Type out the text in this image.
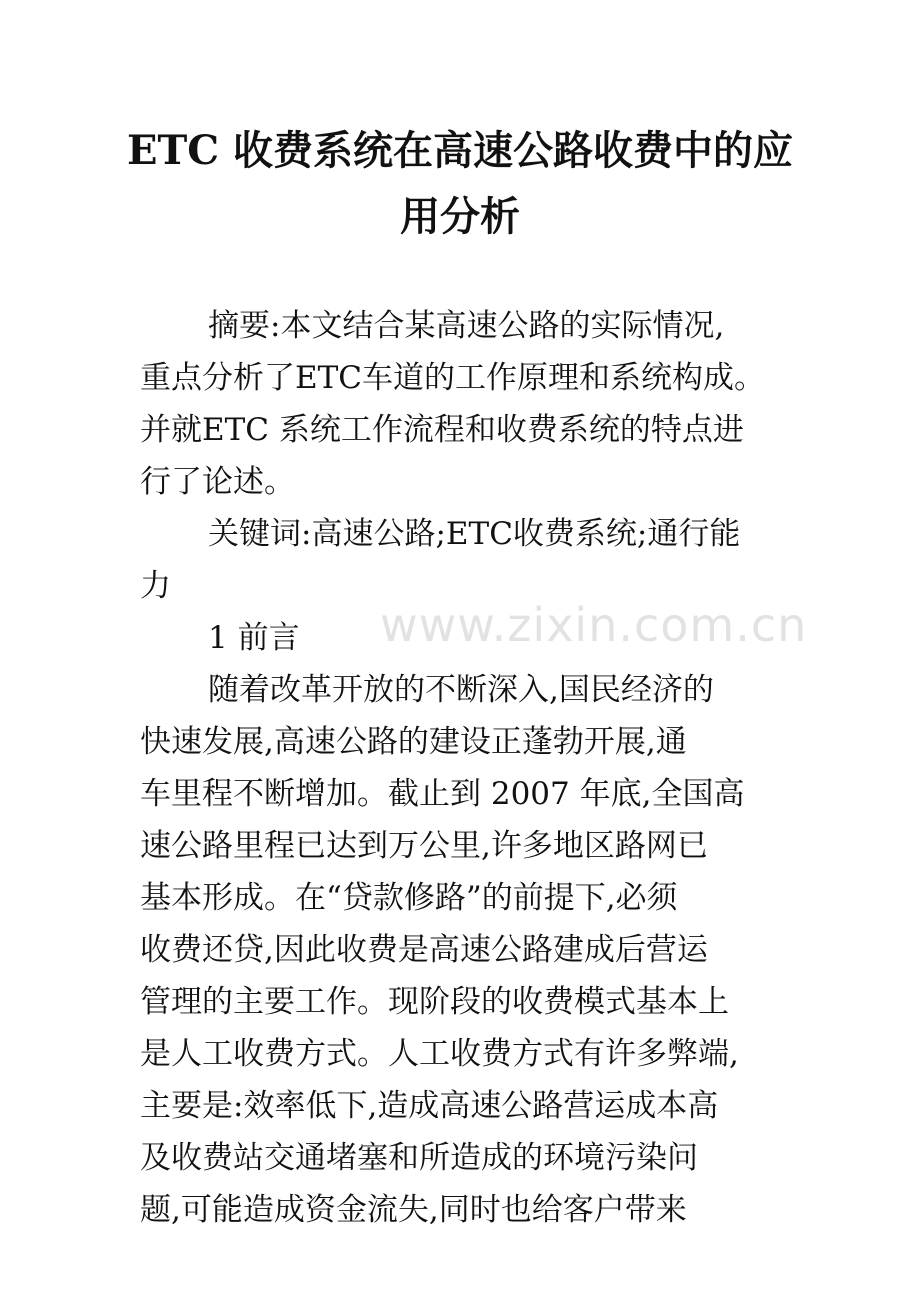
ETC 收费系统在高速公路收费中的应
用分析
摘要:本文结合某高速公路的实际情况,
重点分析了ETC车道的工作原理和系统构成。
并就ETC 系统工作流程和收费系统的特点进
行了论述。
关键词:高速公路;ETC收费系统;通行能
力
1 前言
随着改革开放的不断深入,国民经济的
快速发展,高速公路的建设正蓬勃开展,通
车里程不断增加。截止到 2007 年底,全国高
速公路里程已达到万公里,许多地区路网已
基本形成。在“贷款修路”的前提下,必须
收费还贷,因此收费是高速公路建成后营运
管理的主要工作。现阶段的收费模式基本上
是人工收费方式。人工收费方式有许多弊端,
主要是:效率低下,造成高速公路营运成本高
及收费站交通堵塞和所造成的环境污染问
题,可能造成资金流失,同时也给客户带来
www.zixin.com.cn
